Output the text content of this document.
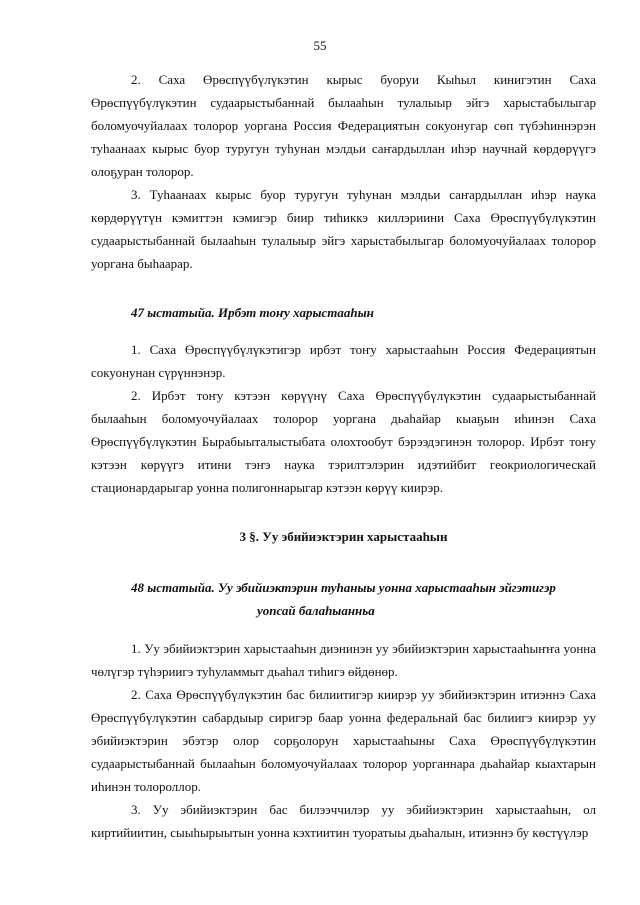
55

2. Саха Өрөспүүбүлүкэтин кырыс буоруи Кыһыл кинигэтин Саха Өрөспүүбүлүкэтин судаарыстыбаннай былааһын тулалыыр эйгэ харыстабылыгар боломуочуйалаах толорор уоргана Россия Федерациятын сокуонугар сөп түбэһиннэрэн туһаанаах кырыс буор туругун туһунан мэлдьи саҥардыллан иһэр научнай көрдөрүүгэ олоҕуран толорор.

3. Туһаанаах кырыс буор туругун туһунан мэлдьи саҥардыллан иһэр наука көрдөрүүтүн кэмиттэн кэмигэр биир тиһиккэ киллэриини Саха Өрөспүүбүлүкэтин судаарыстыбаннай былааһын тулалыыр эйгэ харыстабылыгар боломуочуйалаах толорор уоргана быһаарар.

47 ыстатыйа. Ирбэт тоҥу харыстааһын

1. Саха Өрөспүүбүлүкэтигэр ирбэт тоҥу харыстааһын Россия Федерациятын сокуонунан сүрүннэнэр.

2. Ирбэт тоҥу кэтээн көрүүнү Саха Өрөспүүбүлүкэтин судаарыстыбаннай былааһын боломуочуйалаах толорор уоргана дьаһайар кыаҕын иһинэн Саха Өрөспүүбүлүкэтин Бырабыыталыстыбата олохтообут бэрээдэгинэн толорор. Ирбэт тоҥу кэтээн көрүүгэ итини тэҥэ наука тэрилтэлэрин идэтийбит геокриологическай стационардарыгар уонна полигоннарыгар кэтээн көрүү киирэр.

3 §. Уу эбийиэктэрин харыстааһын

48 ыстатыйа. Уу эбийиэктэрин туһаныы уонна харыстааһын эйгэтигэр
уопсай балаһыанньа

1. Уу эбийиэктэрин харыстааһын диэнинэн уу эбийиэктэрин харыстааһыҥҥа уонна чөлүгэр түһэриигэ туһуламмыт дьаһал тиһигэ өйдөнөр.

2. Саха Өрөспүүбүлүкэтин бас билиитигэр киирэр уу эбийиэктэрин итиэннэ Саха Өрөспүүбүлүкэтин сабардыыр сиригэр баар уонна федеральнай бас билиигэ киирэр уу эбийиэктэрин эбэтэр олор сорҕолорун харыстааһыны Саха Өрөспүүбүлүкэтин судаарыстыбаннай былааһын боломуочуйалаах толорор уорганнара дьаһайар кыахтарын иһинэн толороллор.

3. Уу эбийиэктэрин бас билээччилэр уу эбийиэктэрин харыстааһын, ол киртийиитин, сыыһырыытын уонна кэхтиитин туоратыы дьаһалын, итиэннэ бу көстүүлэр
